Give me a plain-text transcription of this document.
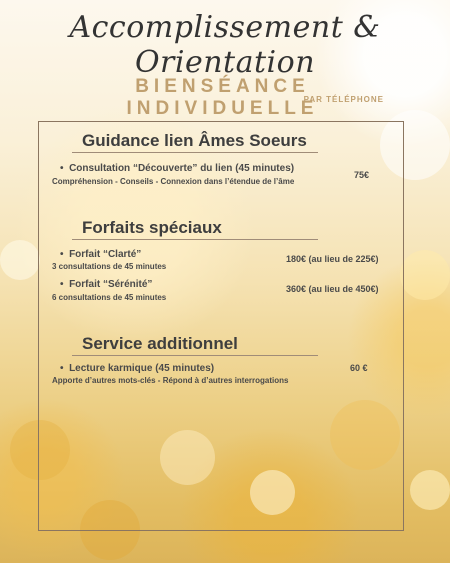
Accomplissement & Orientation
BIENSÉANCE INDIVIDUELLE
PAR TÉLÉPHONE
Guidance lien Âmes Soeurs
•  Consultation “Découverte” du lien (45 minutes)
Compréhension - Conseils - Connexion dans l’étendue de l’âme
75€
Forfaits spéciaux
•  Forfait “Clarté”
3 consultations de 45 minutes
180€ (au lieu de 225€)
•  Forfait “Sérénité”
6 consultations de 45 minutes
360€ (au lieu de 450€)
Service additionnel
•  Lecture karmique (45 minutes)
Apporte d’autres mots-clés - Répond à d’autres interrogations
60 €
